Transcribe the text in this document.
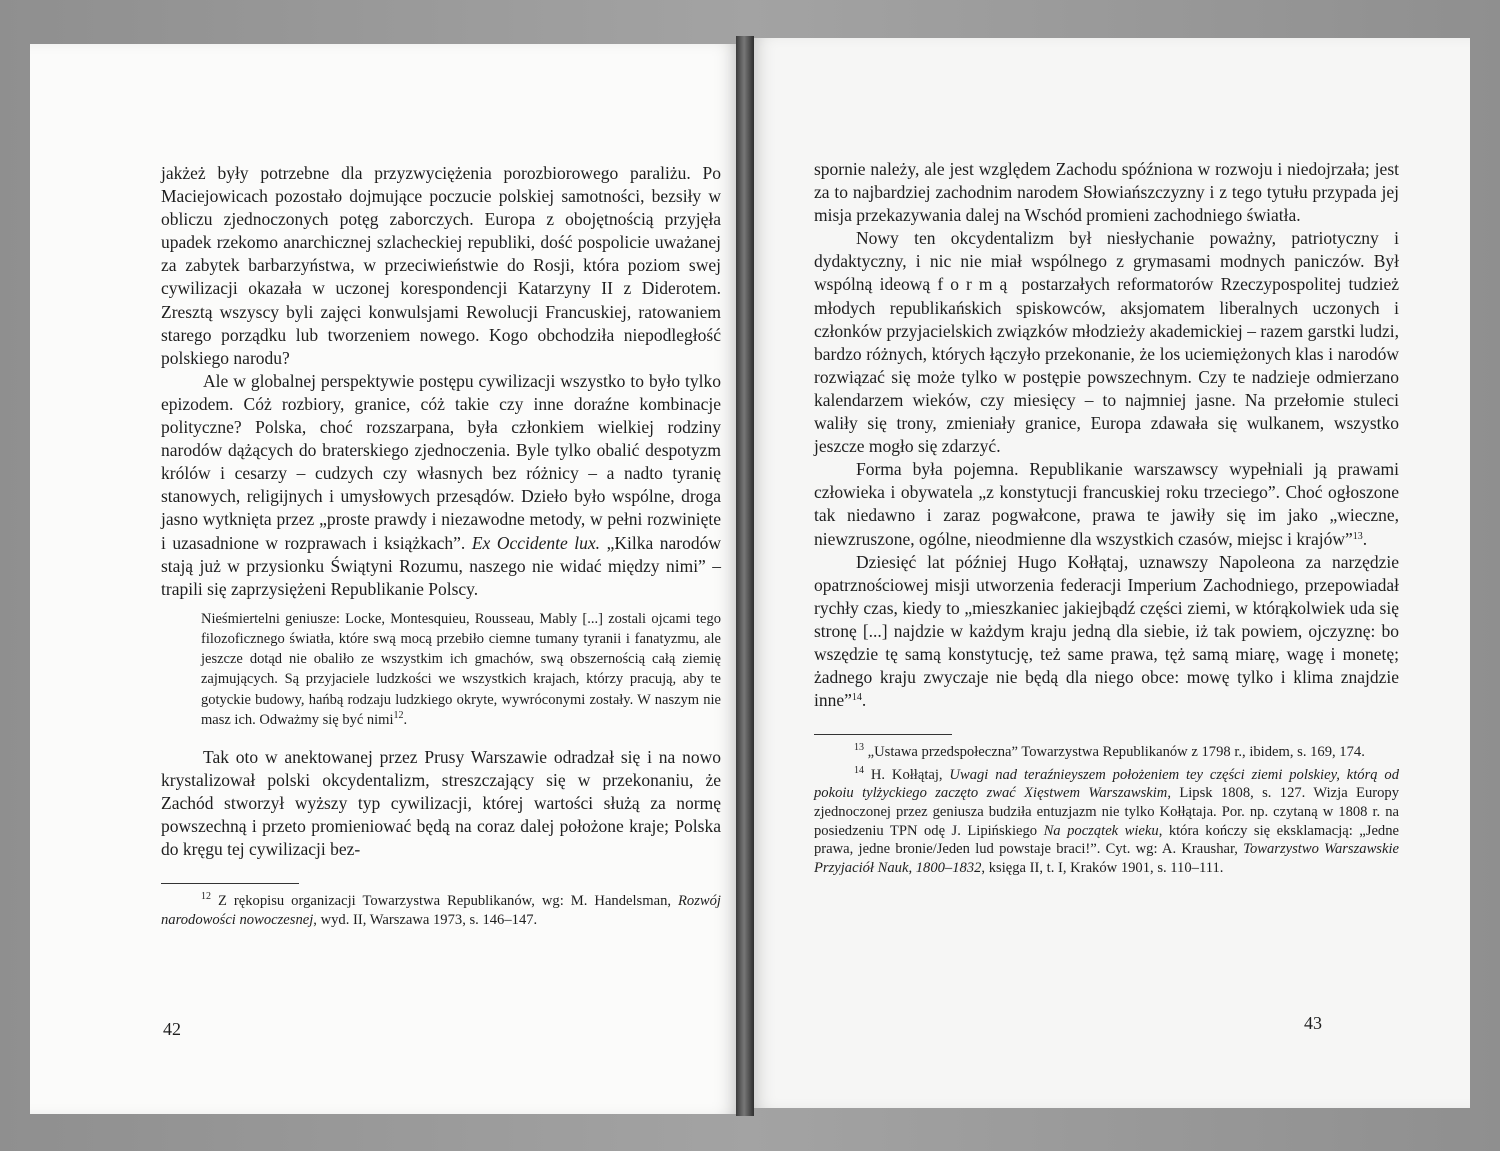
jakżeż były potrzebne dla przyzwyciężenia porozbiorowego paraliżu. Po Maciejowicach pozostało dojmujące poczucie polskiej samotności, bezsiły w obliczu zjednoczonych potęg zaborczych. Europa z obojętnością przyjęła upadek rzekomo anarchicznej szlacheckiej republiki, dość pospolicie uważanej za zabytek barbarzyństwa, w przeciwieństwie do Rosji, która poziom swej cywilizacji okazała w uczonej korespondencji Katarzyny II z Diderotem. Zresztą wszyscy byli zajęci konwulsjami Rewolucji Francuskiej, ratowaniem starego porządku lub tworzeniem nowego. Kogo obchodziła niepodległość polskiego narodu?

Ale w globalnej perspektywie postępu cywilizacji wszystko to było tylko epizodem. Cóż rozbiory, granice, cóż takie czy inne doraźne kombinacje polityczne? Polska, choć rozszarpana, była członkiem wielkiej rodziny narodów dążących do braterskiego zjednoczenia. Byle tylko obalić despotyzm królów i cesarzy – cudzych czy własnych bez różnicy – a nadto tyranię stanowych, religijnych i umysłowych przesądów. Dzieło było wspólne, droga jasno wytknięta przez „proste prawdy i niezawodne metody, w pełni rozwinięte i uzasadnione w rozprawach i książkach”. Ex Occidente lux. „Kilka narodów stają już w przysionku Świątyni Rozumu, naszego nie widać między nimi” – trapili się zaprzysiężeni Republikanie Polscy.

Nieśmiertelni geniusze: Locke, Montesquieu, Rousseau, Mably [...] zostali ojcami tego filozoficznego światła, które swą mocą przebiło ciemne tumany tyranii i fanatyzmu, ale jeszcze dotąd nie obaliło ze wszystkim ich gmachów, swą obszernością całą ziemię zajmujących. Są przyjaciele ludzkości we wszystkich krajach, którzy pracują, aby te gotyckie budowy, hańbą rodzaju ludzkiego okryte, wywróconymi zostały. W naszym nie masz ich. Odważmy się być nimi$^{12}$.

Tak oto w anektowanej przez Prusy Warszawie odradzał się i na nowo krystalizował polski okcydentalizm, streszczający się w przekonaniu, że Zachód stworzył wyższy typ cywilizacji, której wartości służą za normę powszechną i przeto promieniować będą na coraz dalej położone kraje; Polska do kręgu tej cywilizacji bez-

$^{12}$ Z rękopisu organizacji Towarzystwa Republikanów, wg: M. Handelsman, Rozwój narodowości nowoczesnej, wyd. II, Warszawa 1973, s. 146–147.

42

spornie należy, ale jest względem Zachodu spóźniona w rozwoju i niedojrzała; jest za to najbardziej zachodnim narodem Słowiańszczyzny i z tego tytułu przypada jej misja przekazywania dalej na Wschód promieni zachodniego światła.

Nowy ten okcydentalizm był niesłychanie poważny, patriotyczny i dydaktyczny, i nic nie miał wspólnego z grymasami modnych paniczów. Był wspólną ideową formą postarzałych reformatorów Rzeczypospolitej tudzież młodych republikańskich spiskowców, aksjomatem liberalnych uczonych i członków przyjacielskich związków młodzieży akademickiej – razem garstki ludzi, bardzo różnych, których łączyło przekonanie, że los uciemiężonych klas i narodów rozwiązać się może tylko w postępie powszechnym. Czy te nadzieje odmierzano kalendarzem wieków, czy miesięcy – to najmniej jasne. Na przełomie stuleci waliły się trony, zmieniały granice, Europa zdawała się wulkanem, wszystko jeszcze mogło się zdarzyć.

Forma była pojemna. Republikanie warszawscy wypełniali ją prawami człowieka i obywatela „z konstytucji francuskiej roku trzeciego”. Choć ogłoszone tak niedawno i zaraz pogwałcone, prawa te jawiły się im jako „wieczne, niewzruszone, ogólne, nieodmienne dla wszystkich czasów, miejsc i krajów”$^{13}$.

Dziesięć lat później Hugo Kołłątaj, uznawszy Napoleona za narzędzie opatrznościowej misji utworzenia federacji Imperium Zachodniego, przepowiadał rychły czas, kiedy to „mieszkaniec jakiejbądź części ziemi, w którąkolwiek uda się stronę [...] najdzie w każdym kraju jedną dla siebie, iż tak powiem, ojczyznę: bo wszędzie tę samą konstytucję, też same prawa, tęż samą miarę, wagę i monetę; żadnego kraju zwyczaje nie będą dla niego obce: mowę tylko i klima znajdzie inne”$^{14}$.

$^{13}$ „Ustawa przedspołeczna” Towarzystwa Republikanów z 1798 r., ibidem, s. 169, 174.

$^{14}$ H. Kołłątaj, Uwagi nad teraźnieyszem położeniem tey części ziemi polskiey, którą od pokoiu tylżyckiego zaczęto zwać Xięstwem Warszawskim, Lipsk 1808, s. 127. Wizja Europy zjednoczonej przez geniusza budziła entuzjazm nie tylko Kołłątaja. Por. np. czytaną w 1808 r. na posiedzeniu TPN odę J. Lipińskiego Na początek wieku, która kończy się eksklamacją: „Jedne prawa, jedne bronie/Jeden lud powstaje braci!”. Cyt. wg: A. Kraushar, Towarzystwo Warszawskie Przyjaciół Nauk, 1800–1832, księga II, t. I, Kraków 1901, s. 110–111.

43
